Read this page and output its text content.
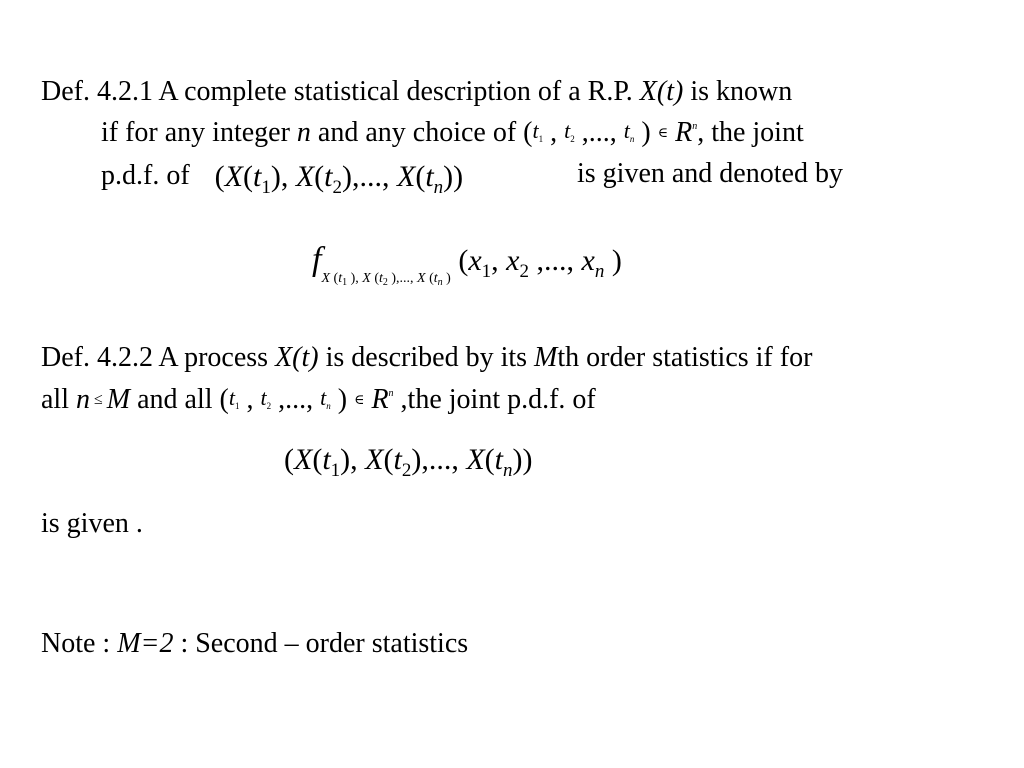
Def. 4.2.1 A complete statistical description of a R.P. X(t) is known
if for any integer n and any choice of (t1 , t2 ,..., tn ) ∈ $R^n$, the joint
p.d.f. of ($X(t_1)$, $X(t_2)$,..., $X(t_n)$)	is given and denoted by
$f_{X (t_1 ), X (t_2 ),..., X (t_n )}$ ($x_1$, $x_2$ ,..., $x_n$ )
Def. 4.2.2 A process X(t) is described by its Mth order statistics if for
all n ≤ M and all (t1 , t2 ,..., tn ) ∈ $R^n$ ,the joint p.d.f. of
($X(t_1)$, $X(t_2)$,..., $X(t_n)$)
is given .
Note : M=2 : Second – order statistics
